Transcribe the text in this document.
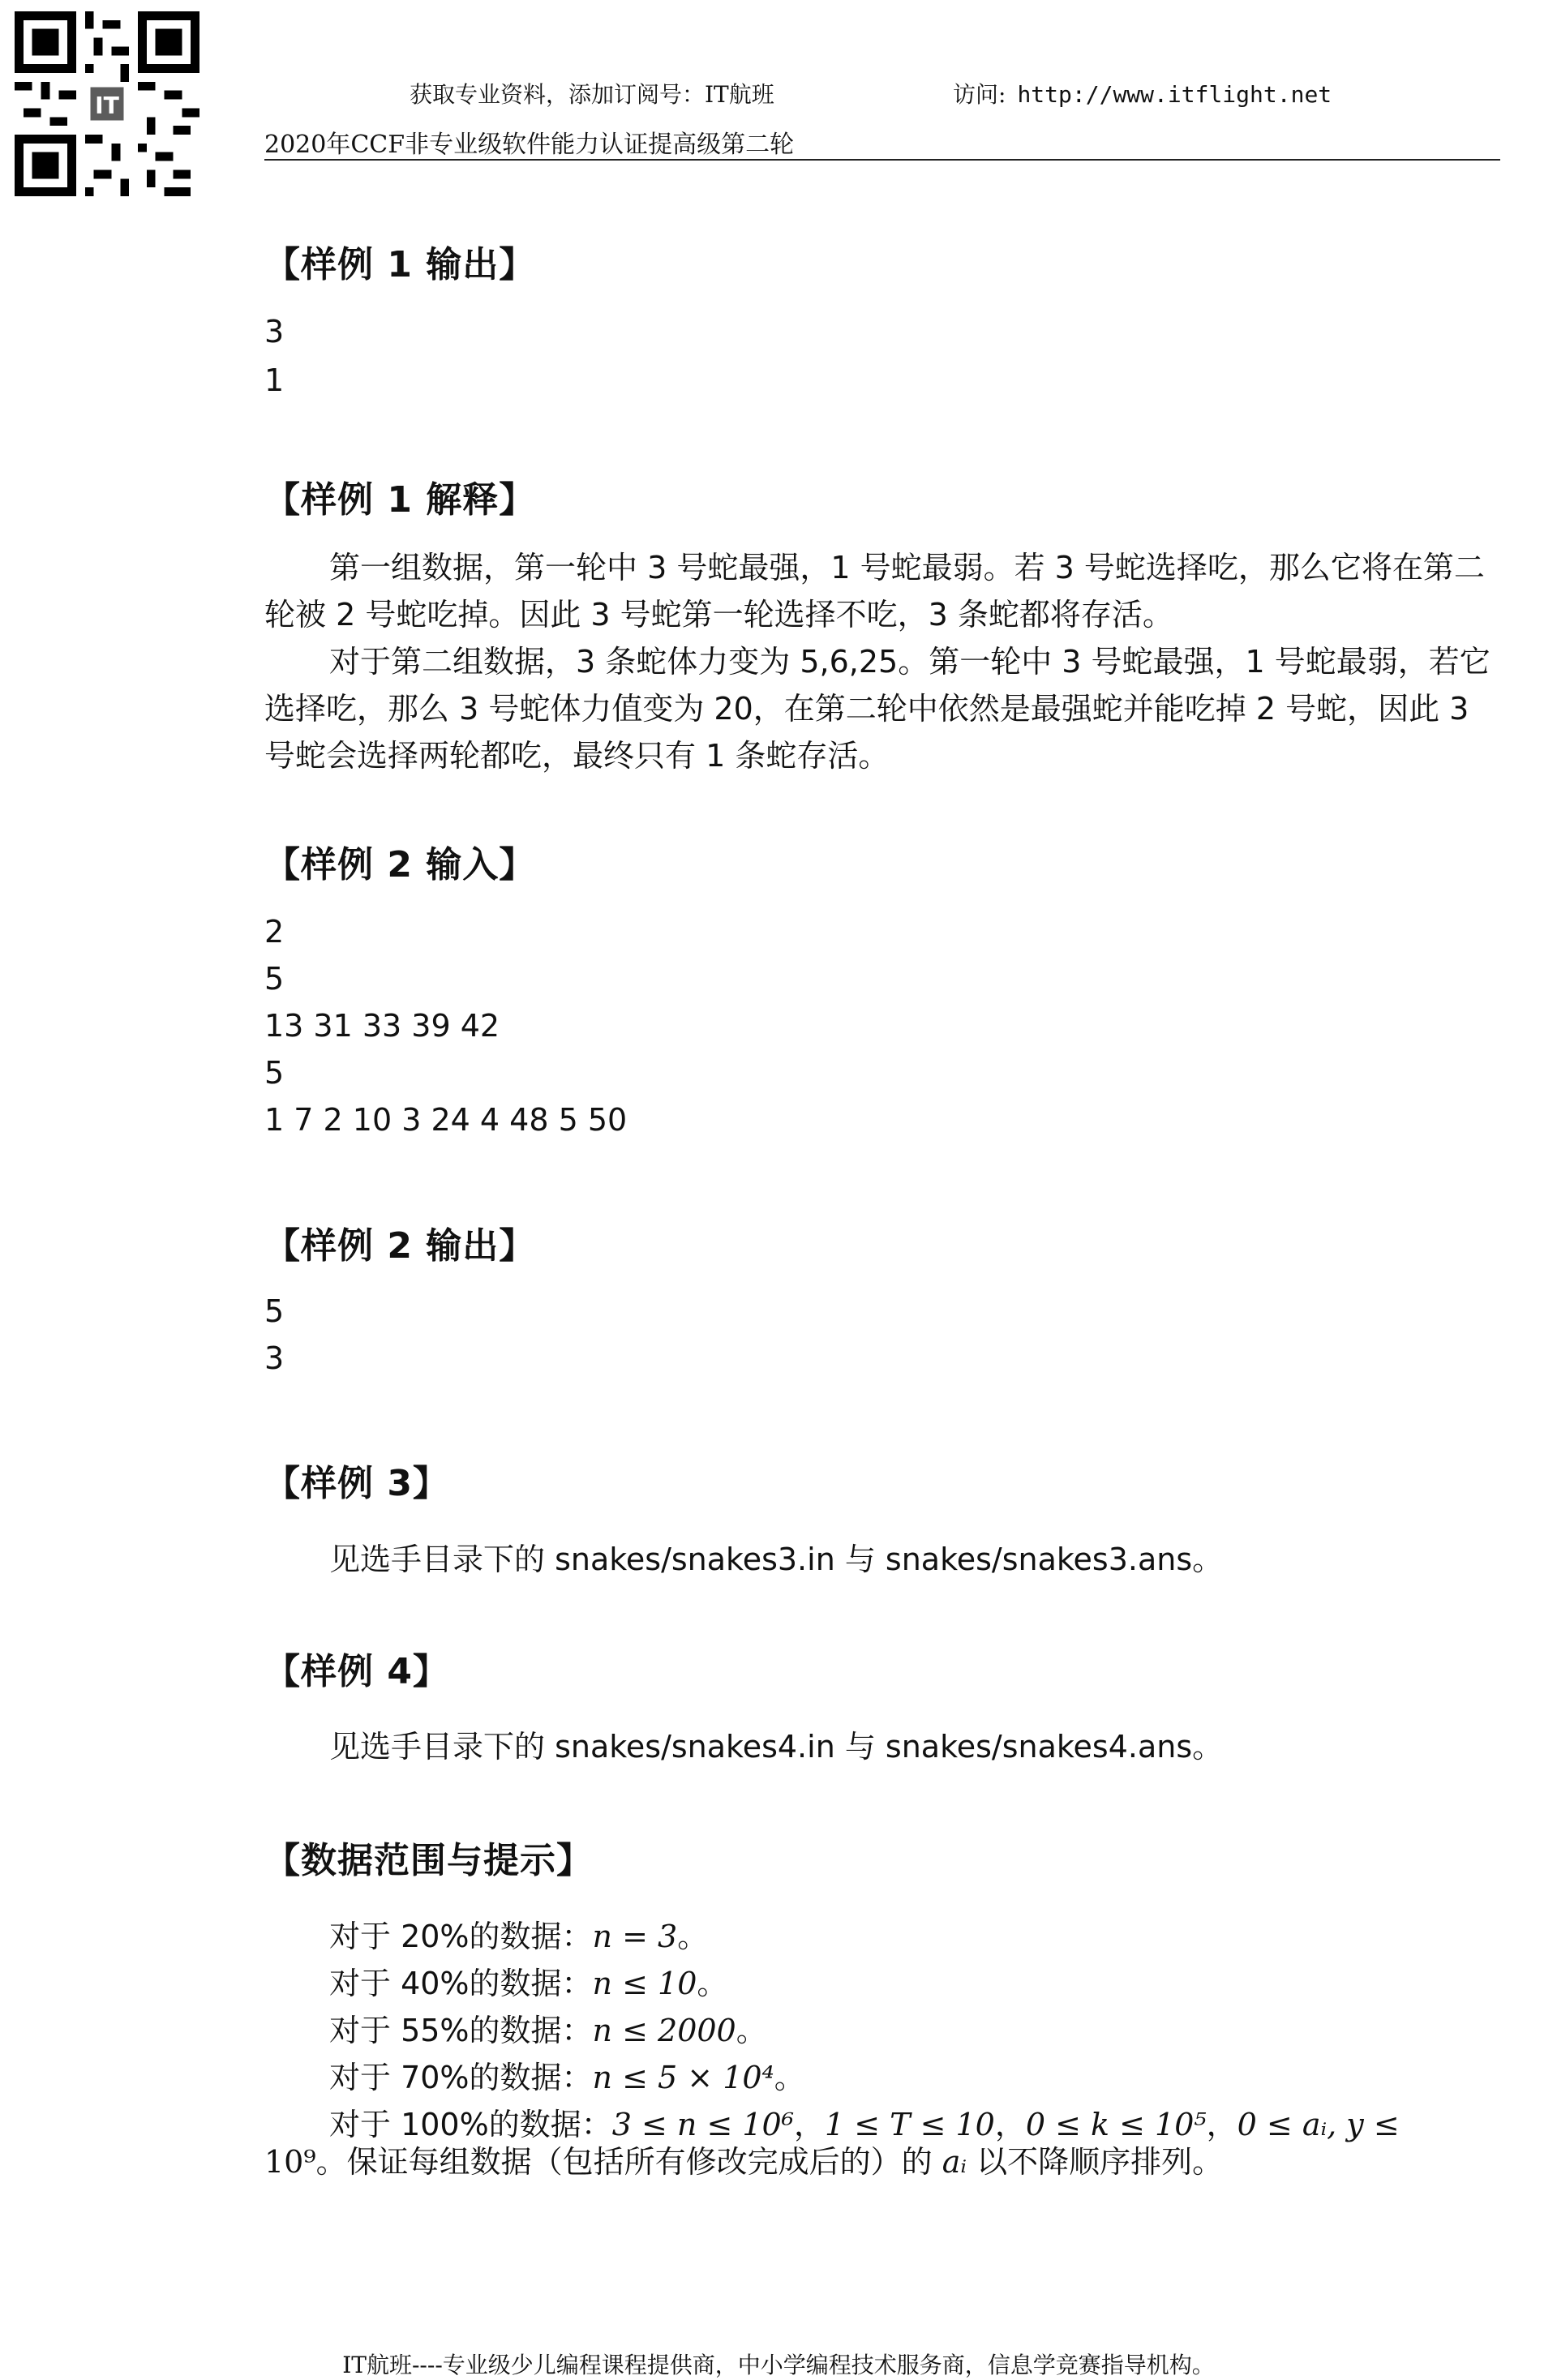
IT	获取专业资料，添加订阅号：IT航班	访问: http://www.itflight.net
2020年CCF非专业级软件能力认证提高级第二轮
【样例 1 输出】
3
1
【样例 1 解释】
第一组数据，第一轮中 3 号蛇最强，1 号蛇最弱。若 3 号蛇选择吃，那么它将在第二轮被 2 号蛇吃掉。因此 3 号蛇第一轮选择不吃，3 条蛇都将存活。
对于第二组数据，3 条蛇体力变为 5,6,25。第一轮中 3 号蛇最强，1 号蛇最弱，若它选择吃，那么 3 号蛇体力值变为 20，在第二轮中依然是最强蛇并能吃掉 2 号蛇，因此 3 号蛇会选择两轮都吃，最终只有 1 条蛇存活。
【样例 2 输入】
2
5
13 31 33 39 42
5
1 7 2 10 3 24 4 48 5 50
【样例 2 输出】
5
3
【样例 3】
见选手目录下的 snakes/snakes3.in 与 snakes/snakes3.ans。
【样例 4】
见选手目录下的 snakes/snakes4.in 与 snakes/snakes4.ans。
【数据范围与提示】
对于 20%的数据：n = 3。
对于 40%的数据：n ≤ 10。
对于 55%的数据：n ≤ 2000。
对于 70%的数据：n ≤ 5 × 10⁴。
对于 100%的数据：3 ≤ n ≤ 10⁶，1 ≤ T ≤ 10，0 ≤ k ≤ 10⁵，0 ≤ aᵢ, y ≤
10⁹。保证每组数据（包括所有修改完成后的）的 aᵢ 以不降顺序排列。
IT航班----专业级少儿编程课程提供商，中小学编程技术服务商，信息学竞赛指导机构。
